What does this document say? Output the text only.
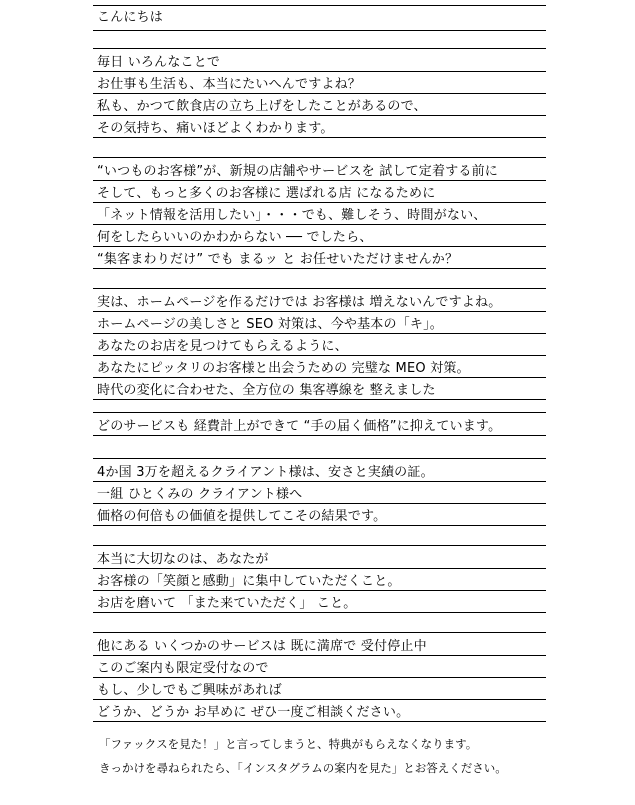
こんにちは
毎日 いろんなことで
お仕事も生活も、本当にたいへんですよね？
私も、かつて飲食店の立ち上げをしたことがあるので、
その気持ち、痛いほどよくわかります。
“いつものお客様”が、新規の店舗やサービスを 試して定着する前に
そして、もっと多くのお客様に 選ばれる店 になるために
「ネット情報を活用したい」・・・でも、難しそう、時間がない、
何をしたらいいのかわからない ── でしたら、
“集客まわりだけ” でも まるッ と お任せいただけませんか？
実は、ホームページを作るだけでは お客様は 増えないんですよね。
ホームページの美しさと SEO 対策は、今や基本の「キ」。
あなたのお店を見つけてもらえるように、
あなたにピッタリのお客様と出会うための 完璧な MEO 対策。
時代の変化に合わせた、全方位の 集客導線を 整えました
どのサービスも 経費計上ができて “手の届く価格”に抑えています。
4か国 3万を超えるクライアント様は、安さと実績の証。
一組 ひとくみの クライアント様へ
価格の何倍もの価値を提供してこその結果です。
本当に大切なのは、あなたが
お客様の「笑顔と感動」に集中していただくこと。
お店を磨いて 「また来ていただく」 こと。
他にある いくつかのサービスは 既に満席で 受付停止中
このご案内も限定受付なので
もし、少しでもご興味があれば
どうか、どうか お早めに ぜひ一度ご相談ください。
「ファックスを見た！」と言ってしまうと、特典がもらえなくなります。
きっかけを尋ねられたら、「インスタグラムの案内を見た」とお答えください。
